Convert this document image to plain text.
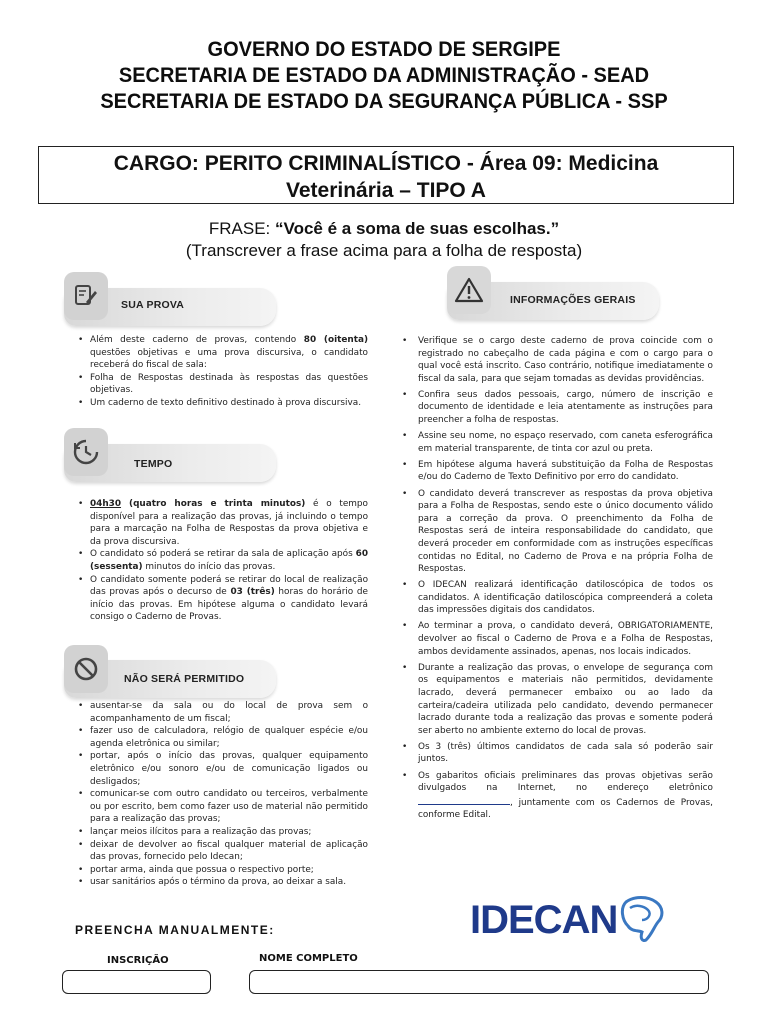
GOVERNO DO ESTADO DE SERGIPE
SECRETARIA DE ESTADO DA ADMINISTRAÇÃO - SEAD
SECRETARIA DE ESTADO DA SEGURANÇA PÚBLICA - SSP
CARGO: PERITO CRIMINALÍSTICO - Área 09: Medicina
Veterinária – TIPO A
FRASE: “Você é a soma de suas escolhas.”
(Transcrever a frase acima para a folha de resposta)
SUA PROVA
• Além deste caderno de provas, contendo 80 (oitenta) questões objetivas e uma prova discursiva, o candidato receberá do fiscal de sala:
• Folha de Respostas destinada às respostas das questões objetivas.
• Um caderno de texto definitivo destinado à prova discursiva.
TEMPO
• 04h30 (quatro horas e trinta minutos) é o tempo disponível para a realização das provas, já incluindo o tempo para a marcação na Folha de Respostas da prova objetiva e da prova discursiva.
• O candidato só poderá se retirar da sala de aplicação após 60 (sessenta) minutos do início das provas.
• O candidato somente poderá se retirar do local de realização das provas após o decurso de 03 (três) horas do horário de início das provas. Em hipótese alguma o candidato levará consigo o Caderno de Provas.
NÃO SERÁ PERMITIDO
• ausentar-se da sala ou do local de prova sem o acompanhamento de um fiscal;
• fazer uso de calculadora, relógio de qualquer espécie e/ou agenda eletrônica ou similar;
• portar, após o início das provas, qualquer equipamento eletrônico e/ou sonoro e/ou de comunicação ligados ou desligados;
• comunicar-se com outro candidato ou terceiros, verbalmente ou por escrito, bem como fazer uso de material não permitido para a realização das provas;
• lançar meios ilícitos para a realização das provas;
• deixar de devolver ao fiscal qualquer material de aplicação das provas, fornecido pelo Idecan;
• portar arma, ainda que possua o respectivo porte;
• usar sanitários após o término da prova, ao deixar a sala.
INFORMAÇÕES GERAIS
• Verifique se o cargo deste caderno de prova coincide com o registrado no cabeçalho de cada página e com o cargo para o qual você está inscrito. Caso contrário, notifique imediatamente o fiscal da sala, para que sejam tomadas as devidas providências.
• Confira seus dados pessoais, cargo, número de inscrição e documento de identidade e leia atentamente as instruções para preencher a folha de respostas.
• Assine seu nome, no espaço reservado, com caneta esferográfica em material transparente, de tinta cor azul ou preta.
• Em hipótese alguma haverá substituição da Folha de Respostas e/ou do Caderno de Texto Definitivo por erro do candidato.
• O candidato deverá transcrever as respostas da prova objetiva para a Folha de Respostas, sendo este o único documento válido para a correção da prova. O preenchimento da Folha de Respostas será de inteira responsabilidade do candidato, que deverá proceder em conformidade com as instruções específicas contidas no Edital, no Caderno de Prova e na própria Folha de Respostas.
• O IDECAN realizará identificação datiloscópica de todos os candidatos. A identificação datiloscópica compreenderá a coleta das impressões digitais dos candidatos.
• Ao terminar a prova, o candidato deverá, OBRIGATORIAMENTE, devolver ao fiscal o Caderno de Prova e a Folha de Respostas, ambos devidamente assinados, apenas, nos locais indicados.
• Durante a realização das provas, o envelope de segurança com os equipamentos e materiais não permitidos, devidamente lacrado, deverá permanecer embaixo ou ao lado da carteira/cadeira utilizada pelo candidato, devendo permanecer lacrado durante toda a realização das provas e somente poderá ser aberto no ambiente externo do local de provas.
• Os 3 (três) últimos candidatos de cada sala só poderão sair juntos.
• Os gabaritos oficiais preliminares das provas objetivas serão divulgados na Internet, no endereço eletrônico , juntamente com os Cadernos de Provas, conforme Edital.
PREENCHA MANUALMENTE:	IDECAN
INSCRIÇÃO	NOME COMPLETO
